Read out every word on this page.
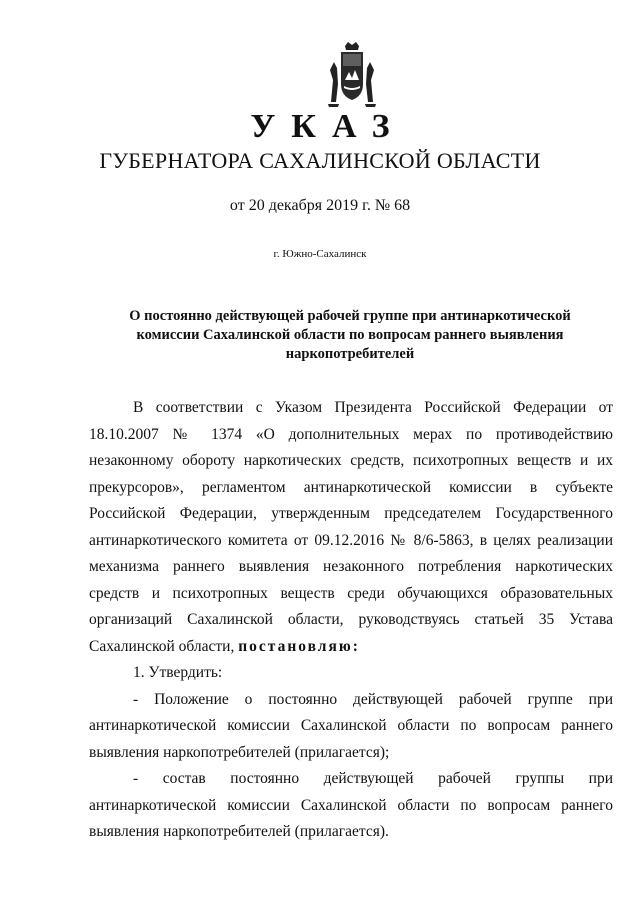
УКАЗ
ГУБЕРНАТОРА САХАЛИНСКОЙ ОБЛАСТИ
от 20 декабря 2019 г. № 68
г. Южно-Сахалинск
О постоянно действующей рабочей группе при антинаркотической
комиссии Сахалинской области по вопросам раннего выявления
наркопотребителей

В соответствии с Указом Президента Российской Федерации от 18.10.2007 № 1374 «О дополнительных мерах по противодействию незаконному обороту наркотических средств, психотропных веществ и их прекурсоров», регламентом антинаркотической комиссии в субъекте Российской Федерации, утвержденным председателем Государственного антинаркотического комитета от 09.12.2016 № 8/6-5863, в целях реализации механизма раннего выявления незаконного потребления наркотических средств и психотропных веществ среди обучающихся образовательных организаций Сахалинской области, руководствуясь статьей 35 Устава Сахалинской области, постановляю:

1. Утвердить:

- Положение о постоянно действующей рабочей группе при антинаркотической комиссии Сахалинской области по вопросам раннего выявления наркопотребителей (прилагается);

- состав постоянно действующей рабочей группы при антинаркотической комиссии Сахалинской области по вопросам раннего выявления наркопотребителей (прилагается).
